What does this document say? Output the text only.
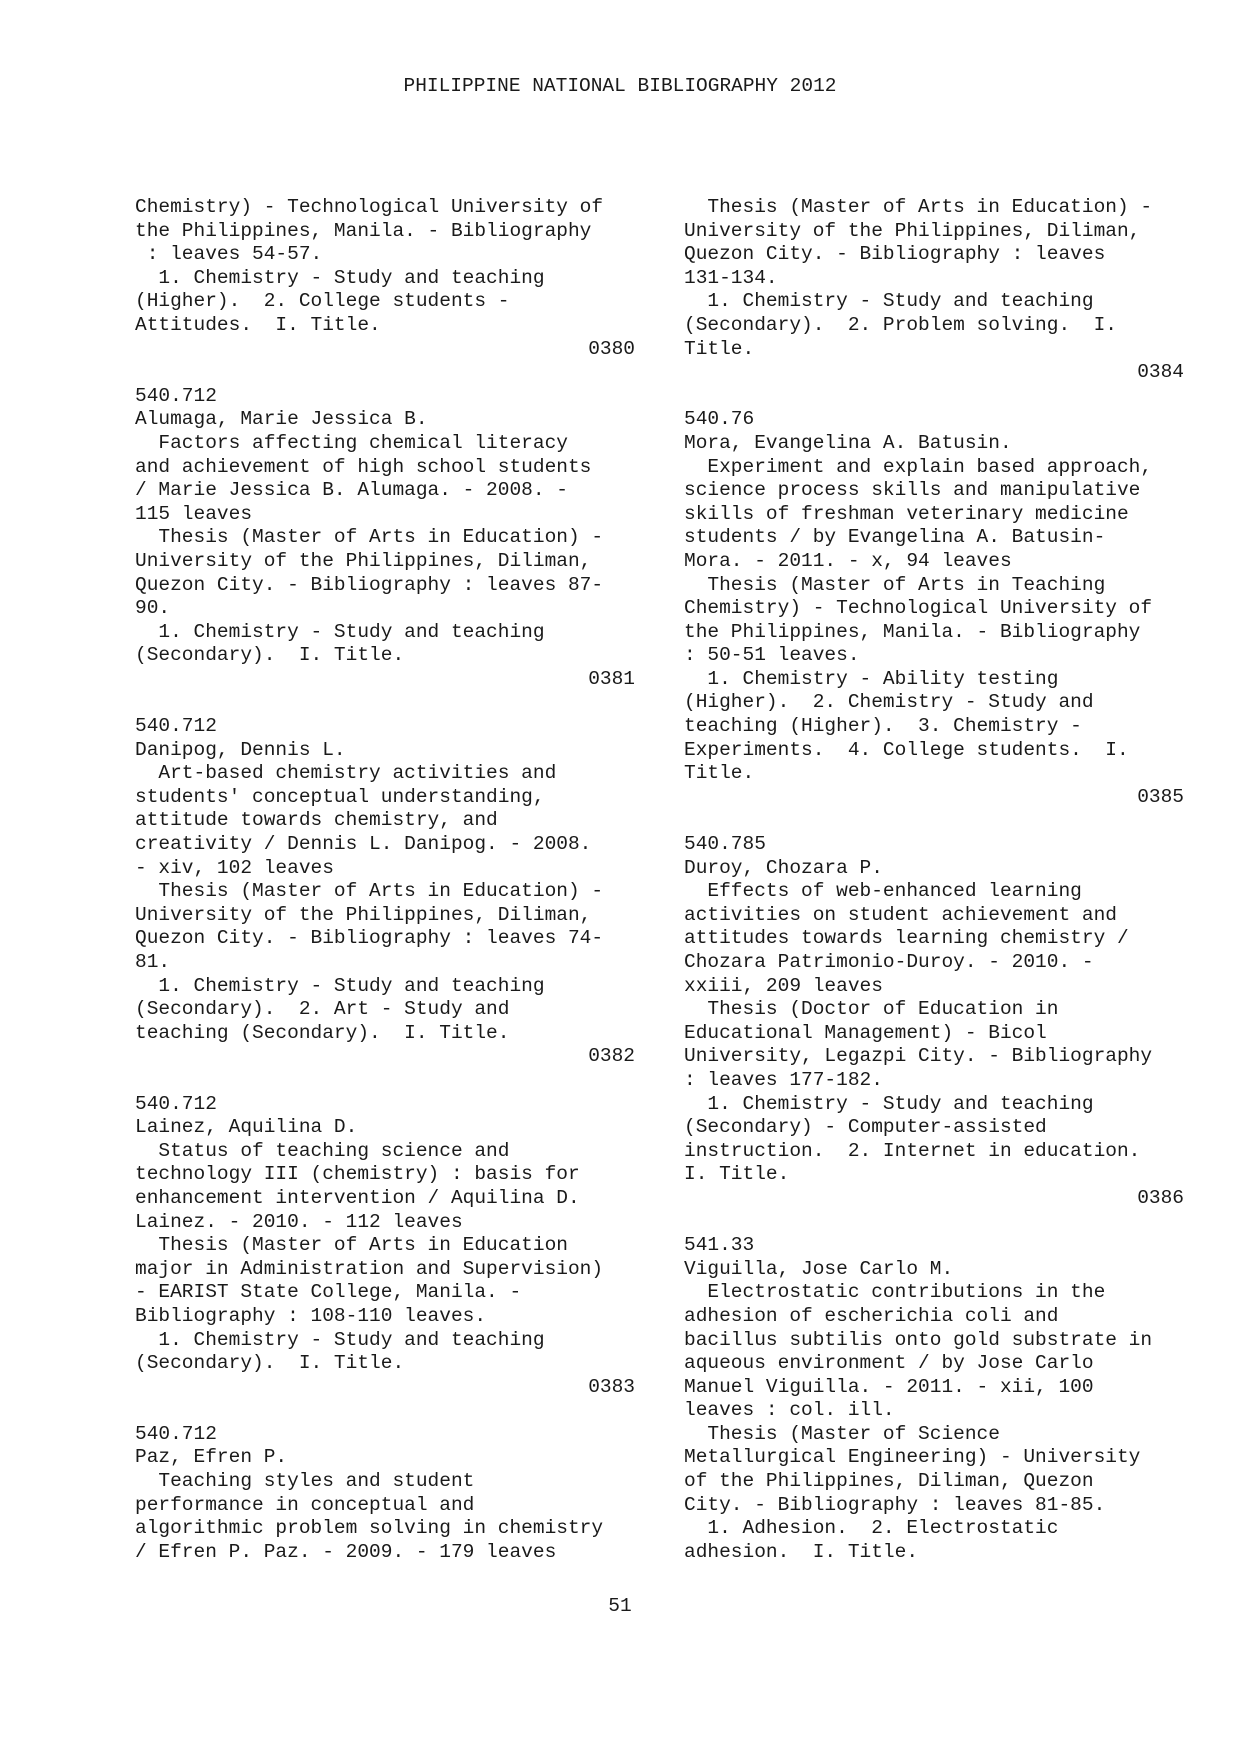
PHILIPPINE NATIONAL BIBLIOGRAPHY 2012
Chemistry) - Technological University of
the Philippines, Manila. - Bibliography
: leaves 54-57.
1. Chemistry - Study and teaching
(Higher).  2. College students -
Attitudes.  I. Title.
0380
540.712
Alumaga, Marie Jessica B.
Factors affecting chemical literacy
and achievement of high school students
/ Marie Jessica B. Alumaga. - 2008. -
115 leaves
Thesis (Master of Arts in Education) -
University of the Philippines, Diliman,
Quezon City. - Bibliography : leaves 87-
90.
1. Chemistry - Study and teaching
(Secondary).  I. Title.
0381
540.712
Danipog, Dennis L.
Art-based chemistry activities and
students' conceptual understanding,
attitude towards chemistry, and
creativity / Dennis L. Danipog. - 2008.
- xiv, 102 leaves
Thesis (Master of Arts in Education) -
University of the Philippines, Diliman,
Quezon City. - Bibliography : leaves 74-
81.
1. Chemistry - Study and teaching
(Secondary).  2. Art - Study and
teaching (Secondary).  I. Title.
0382
540.712
Lainez, Aquilina D.
Status of teaching science and
technology III (chemistry) : basis for
enhancement intervention / Aquilina D.
Lainez. - 2010. - 112 leaves
Thesis (Master of Arts in Education
major in Administration and Supervision)
- EARIST State College, Manila. -
Bibliography : 108-110 leaves.
1. Chemistry - Study and teaching
(Secondary).  I. Title.
0383
540.712
Paz, Efren P.
Teaching styles and student
performance in conceptual and
algorithmic problem solving in chemistry
/ Efren P. Paz. - 2009. - 179 leaves
Thesis (Master of Arts in Education) -
University of the Philippines, Diliman,
Quezon City. - Bibliography : leaves
131-134.
1. Chemistry - Study and teaching
(Secondary).  2. Problem solving.  I.
Title.
0384
540.76
Mora, Evangelina A. Batusin.
Experiment and explain based approach,
science process skills and manipulative
skills of freshman veterinary medicine
students / by Evangelina A. Batusin-
Mora. - 2011. - x, 94 leaves
Thesis (Master of Arts in Teaching
Chemistry) - Technological University of
the Philippines, Manila. - Bibliography
: 50-51 leaves.
1. Chemistry - Ability testing
(Higher).  2. Chemistry - Study and
teaching (Higher).  3. Chemistry -
Experiments.  4. College students.  I.
Title.
0385
540.785
Duroy, Chozara P.
Effects of web-enhanced learning
activities on student achievement and
attitudes towards learning chemistry /
Chozara Patrimonio-Duroy. - 2010. -
xxiii, 209 leaves
Thesis (Doctor of Education in
Educational Management) - Bicol
University, Legazpi City. - Bibliography
: leaves 177-182.
1. Chemistry - Study and teaching
(Secondary) - Computer-assisted
instruction.  2. Internet in education.
I. Title.
0386
541.33
Viguilla, Jose Carlo M.
Electrostatic contributions in the
adhesion of escherichia coli and
bacillus subtilis onto gold substrate in
aqueous environment / by Jose Carlo
Manuel Viguilla. - 2011. - xii, 100
leaves : col. ill.
Thesis (Master of Science
Metallurgical Engineering) - University
of the Philippines, Diliman, Quezon
City. - Bibliography : leaves 81-85.
1. Adhesion.  2. Electrostatic
adhesion.  I. Title.
51
